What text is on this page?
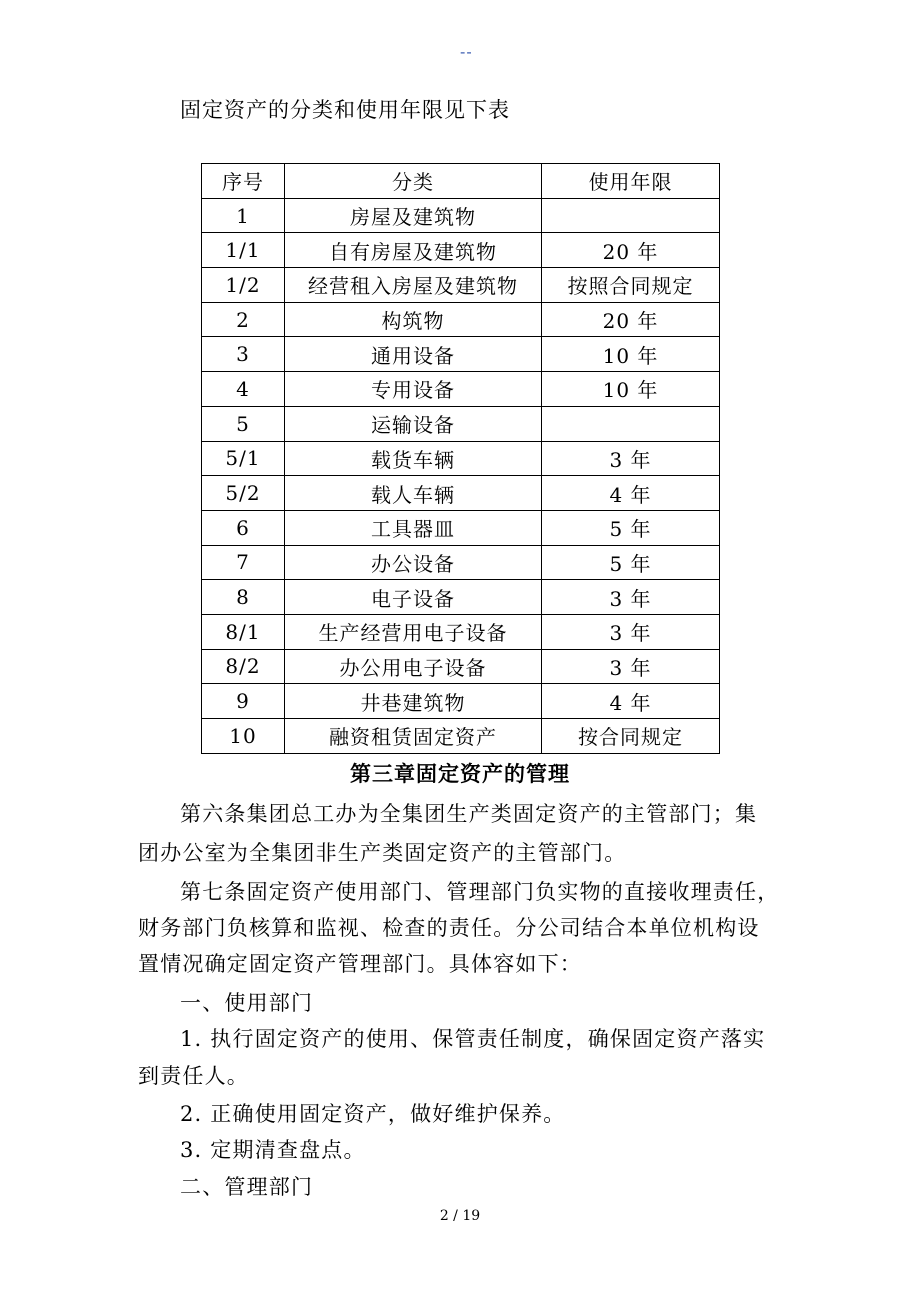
--
固定资产的分类和使用年限见下表
序号	分类	使用年限
1	房屋及建筑物	
1/1	自有房屋及建筑物	20 年
1/2	经营租入房屋及建筑物	按照合同规定
2	构筑物	20 年
3	通用设备	10 年
4	专用设备	10 年
5	运输设备	
5/1	载货车辆	3 年
5/2	载人车辆	4 年
6	工具器皿	5 年
7	办公设备	5 年
8	电子设备	3 年
8/1	生产经营用电子设备	3 年
8/2	办公用电子设备	3 年
9	井巷建筑物	4 年
10	融资租赁固定资产	按合同规定
第三章固定资产的管理
第六条集团总工办为全集团生产类固定资产的主管部门；集
团办公室为全集团非生产类固定资产的主管部门。
第七条固定资产使用部门、管理部门负实物的直接收理责任，
财务部门负核算和监视、检查的责任。分公司结合本单位机构设
置情况确定固定资产管理部门。具体容如下：
一、使用部门
1. 执行固定资产的使用、保管责任制度，确保固定资产落实
到责任人。
2. 正确使用固定资产，做好维护保养。
3. 定期清查盘点。
二、管理部门
2 / 19
